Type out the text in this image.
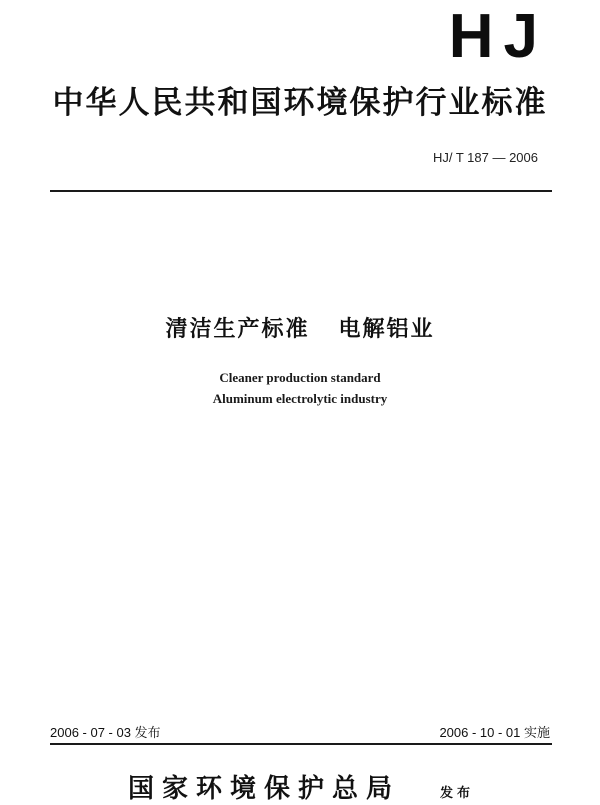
HJ
中华人民共和国环境保护行业标准
HJ/ T 187 — 2006
清洁生产标准   电解铝业
Cleaner production standard
Aluminum electrolytic industry
2006 - 07 - 03 发布	2006 - 10 - 01 实施
国家环境保护总局	发布
